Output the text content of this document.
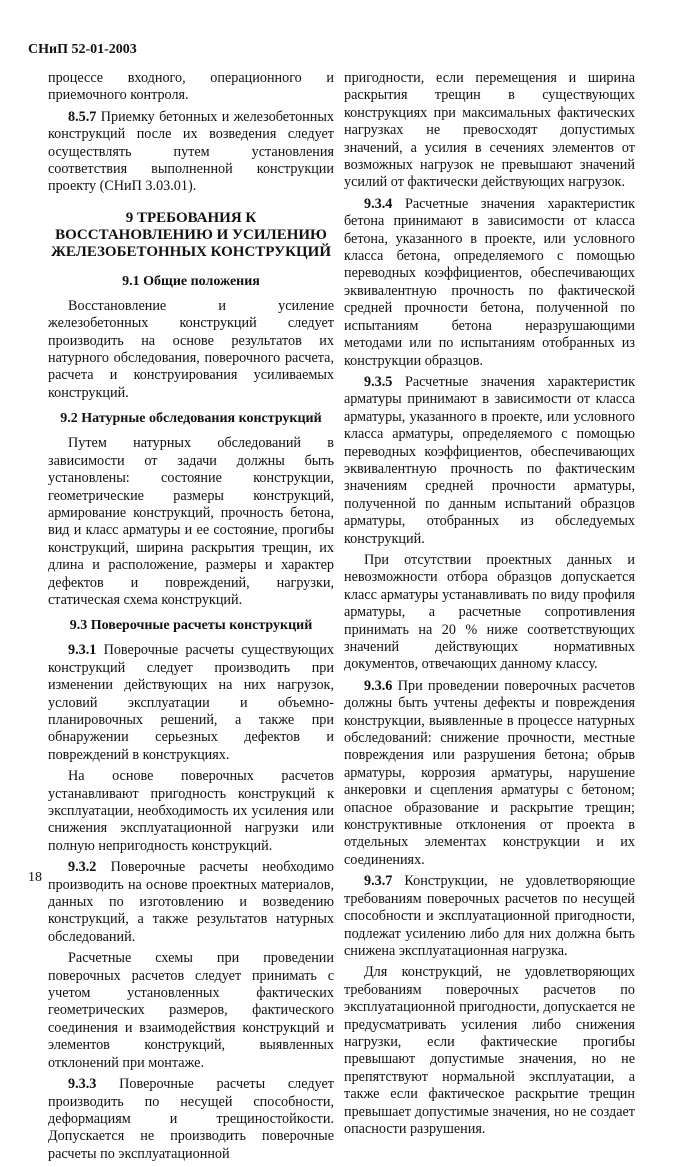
СНиП 52-01-2003

процессе входного, операционного и приемочного контроля.

8.5.7 Приемку бетонных и железобетонных конструкций после их возведения следует осуществлять путем установления соответствия выполненной конструкции проекту (СНиП 3.03.01).

9 ТРЕБОВАНИЯ К ВОССТАНОВЛЕНИЮ И УСИЛЕНИЮ ЖЕЛЕЗОБЕТОННЫХ КОНСТРУКЦИЙ
9.1 Общие положения

Восстановление и усиление железобетонных конструкций следует производить на основе результатов их натурного обследования, поверочного расчета, расчета и конструирования усиливаемых конструкций.

9.2 Натурные обследования конструкций

Путем натурных обследований в зависимости от задачи должны быть установлены: состояние конструкции, геометрические размеры конструкций, армирование конструкций, прочность бетона, вид и класс арматуры и ее состояние, прогибы конструкций, ширина раскрытия трещин, их длина и расположение, размеры и характер дефектов и повреждений, нагрузки, статическая схема конструкций.

9.3 Поверочные расчеты конструкций

9.3.1 Поверочные расчеты существующих конструкций следует производить при изменении действующих на них нагрузок, условий эксплуатации и объемно-планировочных решений, а также при обнаружении серьезных дефектов и повреждений в конструкциях.

На основе поверочных расчетов устанавливают пригодность конструкций к эксплуатации, необходимость их усиления или снижения эксплуатационной нагрузки или полную непригодность конструкций.

9.3.2 Поверочные расчеты необходимо производить на основе проектных материалов, данных по изготовлению и возведению конструкций, а также результатов натурных обследований.

Расчетные схемы при проведении поверочных расчетов следует принимать с учетом установленных фактических геометрических размеров, фактического соединения и взаимодействия конструкций и элементов конструкций, выявленных отклонений при монтаже.

9.3.3 Поверочные расчеты следует производить по несущей способности, деформациям и трещиностойкости. Допускается не производить поверочные расчеты по эксплуатационной

пригодности, если перемещения и ширина раскрытия трещин в существующих конструкциях при максимальных фактических нагрузках не превосходят допустимых значений, а усилия в сечениях элементов от возможных нагрузок не превышают значений усилий от фактически действующих нагрузок.

9.3.4 Расчетные значения характеристик бетона принимают в зависимости от класса бетона, указанного в проекте, или условного класса бетона, определяемого с помощью переводных коэффициентов, обеспечивающих эквивалентную прочность по фактической средней прочности бетона, полученной по испытаниям бетона неразрушающими методами или по испытаниям отобранных из конструкции образцов.

9.3.5 Расчетные значения характеристик арматуры принимают в зависимости от класса арматуры, указанного в проекте, или условного класса арматуры, определяемого с помощью переводных коэффициентов, обеспечивающих эквивалентную прочность по фактическим значениям средней прочности арматуры, полученной по данным испытаний образцов арматуры, отобранных из обследуемых конструкций.

При отсутствии проектных данных и невозможности отбора образцов допускается класс арматуры устанавливать по виду профиля арматуры, а расчетные сопротивления принимать на 20 % ниже соответствующих значений действующих нормативных документов, отвечающих данному классу.

9.3.6 При проведении поверочных расчетов должны быть учтены дефекты и повреждения конструкции, выявленные в процессе натурных обследований: снижение прочности, местные повреждения или разрушения бетона; обрыв арматуры, коррозия арматуры, нарушение анкеровки и сцепления арматуры с бетоном; опасное образование и раскрытие трещин; конструктивные отклонения от проекта в отдельных элементах конструкции и их соединениях.

9.3.7 Конструкции, не удовлетворяющие требованиям поверочных расчетов по несущей способности и эксплуатационной пригодности, подлежат усилению либо для них должна быть снижена эксплуатационная нагрузка.

Для конструкций, не удовлетворяющих требованиям поверочных расчетов по эксплуатационной пригодности, допускается не предусматривать усиления либо снижения нагрузки, если фактические прогибы превышают допустимые значения, но не препятствуют нормальной эксплуатации, а также если фактическое раскрытие трещин превышает допустимые значения, но не создает опасности разрушения.

18
